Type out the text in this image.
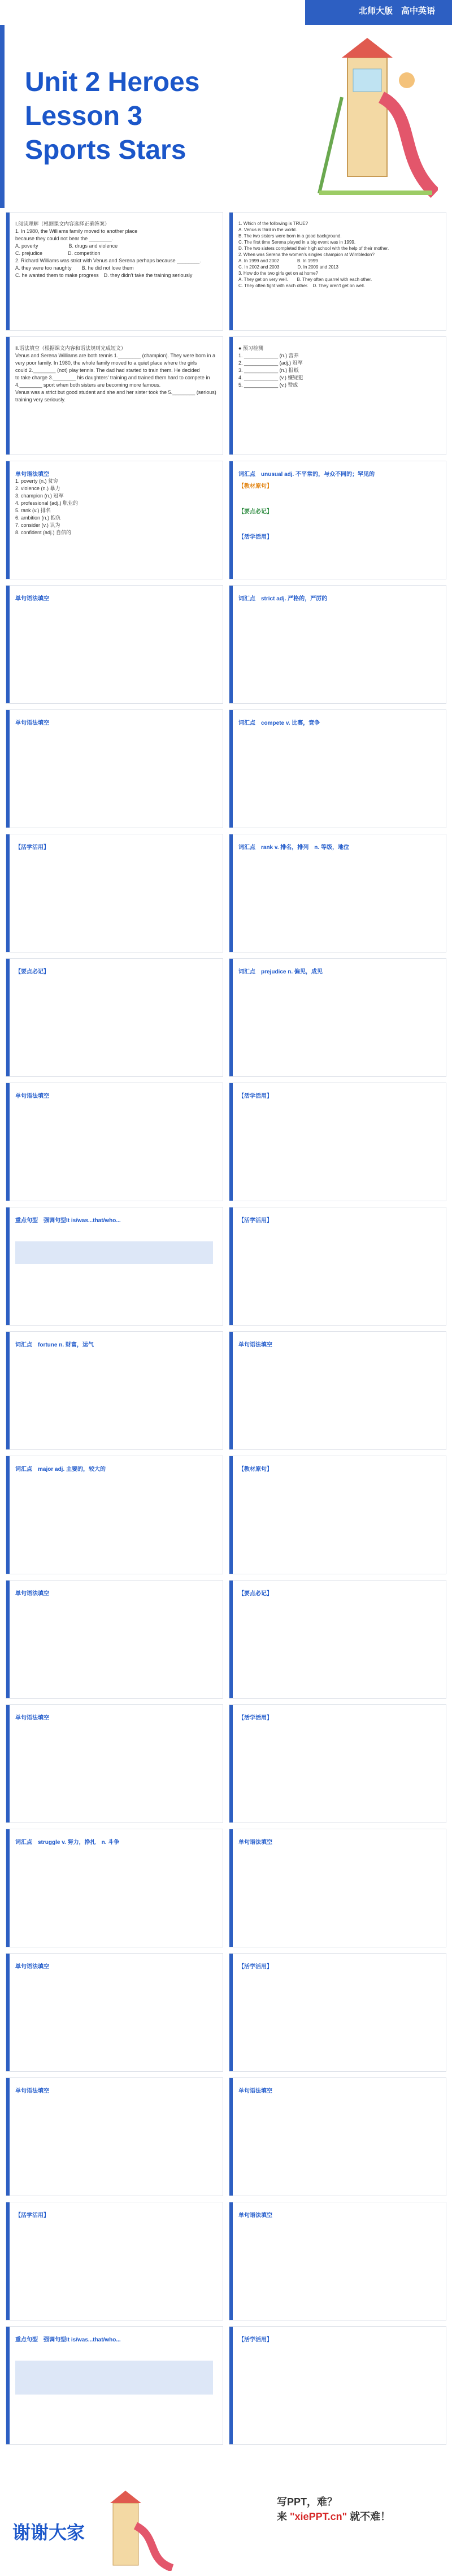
北师大版　高中英语
Unit 2 Heroes
Lesson 3
Sports Stars
Ⅰ.阅读理解（根据课文内容选择正确答案）
1. In 1980, the Williams family moved to another place
because they could not bear the ________.
A. poverty　　　　　　B. drugs and violence
C. prejudice　　　　　D. competition
2. Richard Williams was strict with Venus and Serena perhaps because ________.
A. they were too naughty　　B. he did not love them
C. he wanted them to make progress　D. they didn't take the training seriously
1. Which of the following is TRUE?
A. Venus is third in the world.
B. The two sisters were born in a good background.
C. The first time Serena played in a big event was in 1999.
D. The two sisters completed their high school with the help of their mother.
2. When was Serena the women's singles champion at Wimbledon?
A. In 1999 and 2002　　　　B. In 1999
C. In 2002 and 2003　　　　D. In 2009 and 2013
3. How do the two girls get on at home?
A. They get on very well.　　B. They often quarrel with each other.
C. They often fight with each other.　D. They aren't get on well.
Ⅱ.语法填空（根据课文内容和语法规则完成短文）
Venus and Serena Williams are both tennis 1.________ (champion). They were born in a very poor family. In 1980, the whole family moved to a quiet place where the girls
could 2.________ (not) play tennis. The dad had started to train them. He decided
to take charge 3.________ his daughters' training and trained them hard to compete in
4.________ sport when both sisters are becoming more famous.
Venus was a strict but good student and she and her sister took the 5.________ (serious) training very seriously.
● 预习检测
1. ____________ (n.) 营养
2. ____________ (adj.) 冠军
3. ____________ (n.) 报纸
4. ____________ (v.) 嫌疑犯
5. ____________ (v.) 赞成
单句语法填空
1. poverty (n.) 贫穷
2. violence (n.) 暴力
3. champion (n.) 冠军
4. professional (adj.) 职业的
5. rank (v.) 排名
6. ambition (n.) 抱负
7. consider (v.) 认为
8. confident (adj.) 自信的
词汇点　unusual adj. 不平常的，与众不同的；罕见的
【教材原句】
【要点必记】
【活学活用】
单句语法填空	词汇点　strict adj. 严格的，严厉的
单句语法填空	词汇点　compete v. 比赛，竞争
【活学活用】	词汇点　rank v. 排名，排列　n. 等级，地位
【要点必记】	词汇点　prejudice n. 偏见，成见
单句语法填空	【活学活用】
重点句型　强调句型It is/was...that/who...	【活学活用】
词汇点　fortune n. 财富，运气	单句语法填空
词汇点　major adj. 主要的，较大的	【教材原句】
单句语法填空	【要点必记】
单句语法填空	【活学活用】
词汇点　struggle v. 努力，挣扎　n. 斗争	单句语法填空
单句语法填空	【活学活用】
单句语法填空	单句语法填空
【活学活用】	单句语法填空
重点句型　强调句型It is/was...that/who...	【活学活用】
谢谢大家
写PPT，难？
来 "xiePPT.cn" 就不难！
